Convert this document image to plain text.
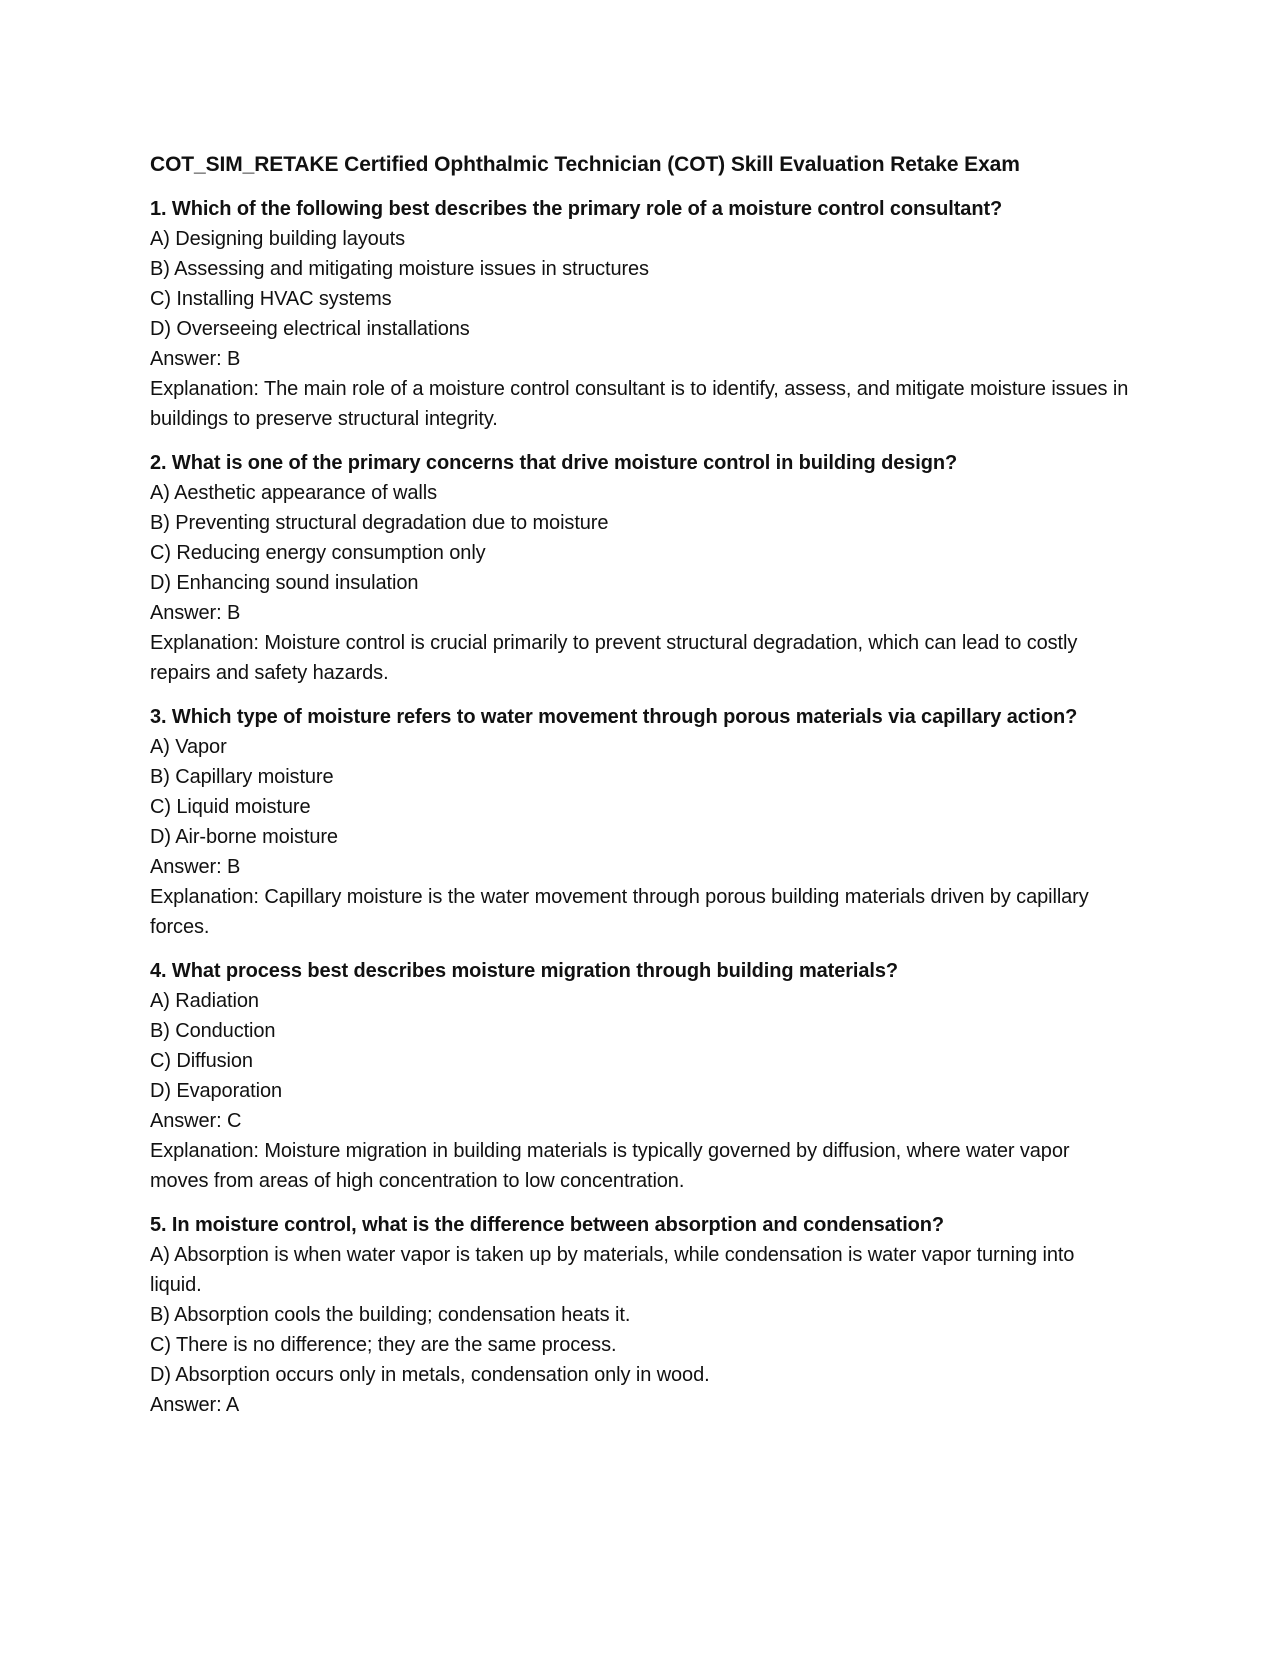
COT_SIM_RETAKE Certified Ophthalmic Technician (COT) Skill Evaluation Retake Exam

1. Which of the following best describes the primary role of a moisture control consultant?

A) Designing building layouts

B) Assessing and mitigating moisture issues in structures

C) Installing HVAC systems

D) Overseeing electrical installations

Answer: B

Explanation: The main role of a moisture control consultant is to identify, assess, and mitigate moisture issues in buildings to preserve structural integrity.

2. What is one of the primary concerns that drive moisture control in building design?

A) Aesthetic appearance of walls

B) Preventing structural degradation due to moisture

C) Reducing energy consumption only

D) Enhancing sound insulation

Answer: B

Explanation: Moisture control is crucial primarily to prevent structural degradation, which can lead to costly repairs and safety hazards.

3. Which type of moisture refers to water movement through porous materials via capillary action?

A) Vapor

B) Capillary moisture

C) Liquid moisture

D) Air-borne moisture

Answer: B

Explanation: Capillary moisture is the water movement through porous building materials driven by capillary forces.

4. What process best describes moisture migration through building materials?

A) Radiation

B) Conduction

C) Diffusion

D) Evaporation

Answer: C

Explanation: Moisture migration in building materials is typically governed by diffusion, where water vapor moves from areas of high concentration to low concentration.

5. In moisture control, what is the difference between absorption and condensation?

A) Absorption is when water vapor is taken up by materials, while condensation is water vapor turning into liquid.

B) Absorption cools the building; condensation heats it.

C) There is no difference; they are the same process.

D) Absorption occurs only in metals, condensation only in wood.

Answer: A
